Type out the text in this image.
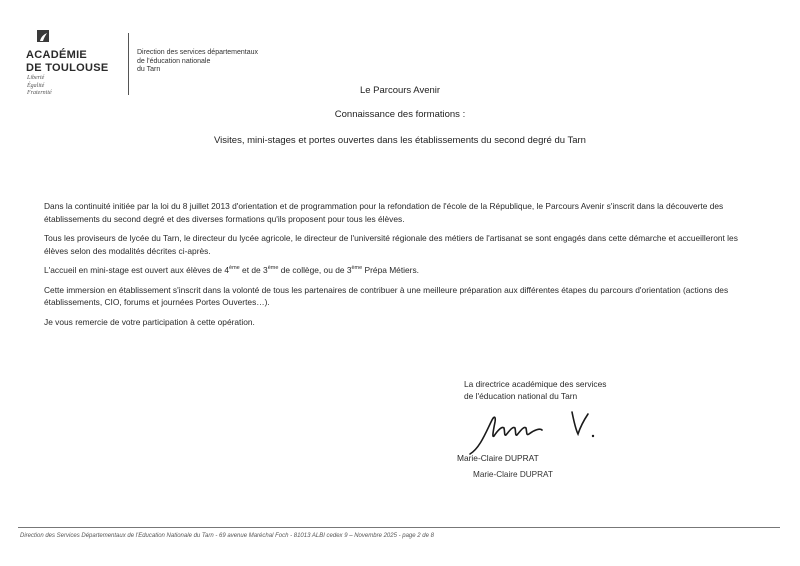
ACADÉMIE
DE TOULOUSE
Liberté
Égalité
Fraternité
Direction des services départementaux
de l'éducation nationale
du Tarn
Le Parcours Avenir
Connaissance des formations :
Visites, mini-stages et portes ouvertes dans les établissements du second degré du Tarn

Dans la continuité initiée par la loi du 8 juillet 2013 d'orientation et de programmation pour la refondation de l'école de la République, le Parcours Avenir s'inscrit dans la découverte des établissements du second degré et des diverses formations qu'ils proposent pour tous les élèves.

Tous les proviseurs de lycée du Tarn, le directeur du lycée agricole, le directeur de l'université régionale des métiers de l'artisanat se sont engagés dans cette démarche et accueilleront les élèves selon des modalités décrites ci-après.

L'accueil en mini-stage est ouvert aux élèves de 4ème et de 3ème de collège, ou de 3ème Prépa Métiers.

Cette immersion en établissement s'inscrit dans la volonté de tous les partenaires de contribuer à une meilleure préparation aux différentes étapes du parcours d'orientation (actions des établissements, CIO, forums et journées Portes Ouvertes…).

Je vous remercie de votre participation à cette opération.

La directrice académique des services
de l'éducation national du Tarn
Marie-Claire DUPRAT
Marie-Claire DUPRAT
Direction des Services Départementaux de l'Education Nationale du Tarn - 69 avenue Maréchal Foch - 81013 ALBI cedex 9 – Novembre 2025 - page 2 de 8
